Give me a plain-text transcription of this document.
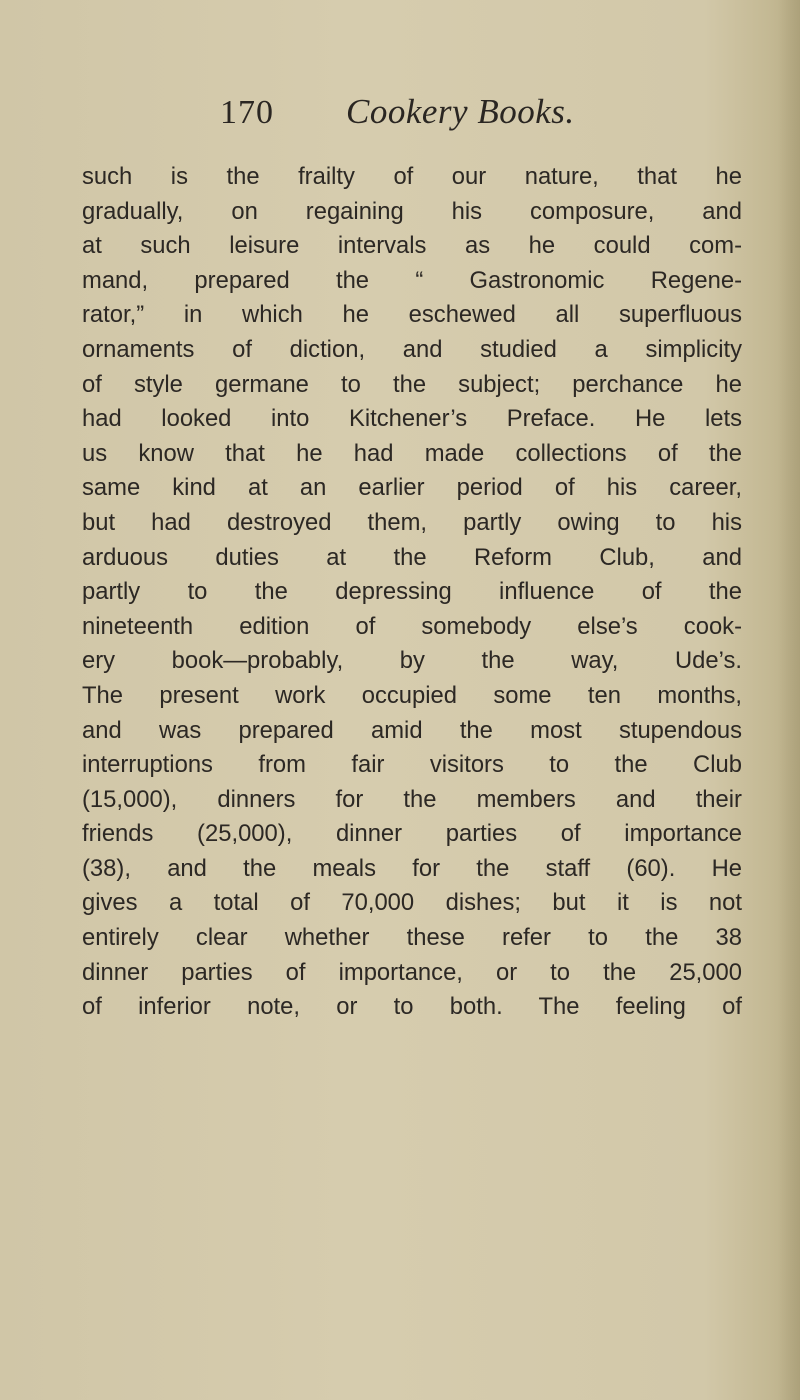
170 Cookery Books.

such is the frailty of our nature, that he
gradually, on regaining his composure, and
at such leisure intervals as he could com-
mand, prepared the “ Gastronomic Regene-
rator,” in which he eschewed all superfluous
ornaments of diction, and studied a simplicity
of style germane to the subject; perchance he
had looked into Kitchener’s Preface. He lets
us know that he had made collections of the
same kind at an earlier period of his career,
but had destroyed them, partly owing to his
arduous duties at the Reform Club, and
partly to the depressing influence of the
nineteenth edition of somebody else’s cook-
ery book—probably, by the way, Ude’s.
The present work occupied some ten months,
and was prepared amid the most stupendous
interruptions from fair visitors to the Club
(15,000), dinners for the members and their
friends (25,000), dinner parties of importance
(38), and the meals for the staff (60). He
gives a total of 70,000 dishes; but it is not
entirely clear whether these refer to the 38
dinner parties of importance, or to the 25,000
of inferior note, or to both. The feeling of
